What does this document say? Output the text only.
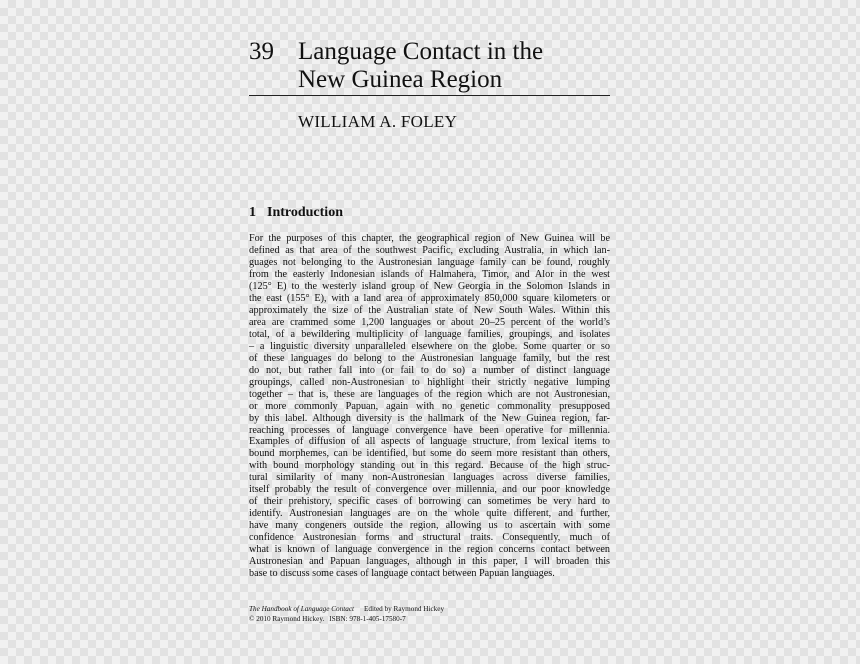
39 Language Contact in the
New Guinea Region
WILLIAM A. FOLEY
1 Introduction
For the purposes of this chapter, the geographical region of New Guinea will be
defined as that area of the southwest Pacific, excluding Australia, in which lan-
guages not belonging to the Austronesian language family can be found, roughly
from the easterly Indonesian islands of Halmahera, Timor, and Alor in the west
(125° E) to the westerly island group of New Georgia in the Solomon Islands in
the east (155° E), with a land area of approximately 850,000 square kilometers or
approximately the size of the Australian state of New South Wales. Within this
area are crammed some 1,200 languages or about 20–25 percent of the world’s
total, of a bewildering multiplicity of language families, groupings, and isolates
– a linguistic diversity unparalleled elsewhere on the globe. Some quarter or so
of these languages do belong to the Austronesian language family, but the rest
do not, but rather fall into (or fail to do so) a number of distinct language
groupings, called non-Austronesian to highlight their strictly negative lumping
together – that is, these are languages of the region which are not Austronesian,
or more commonly Papuan, again with no genetic commonality presupposed
by this label. Although diversity is the hallmark of the New Guinea region, far-
reaching processes of language convergence have been operative for millennia.
Examples of diffusion of all aspects of language structure, from lexical items to
bound morphemes, can be identified, but some do seem more resistant than others,
with bound morphology standing out in this regard. Because of the high struc-
tural similarity of many non-Austronesian languages across diverse families,
itself probably the result of convergence over millennia, and our poor knowledge
of their prehistory, specific cases of borrowing can sometimes be very hard to
identify. Austronesian languages are on the whole quite different, and further,
have many congeners outside the region, allowing us to ascertain with some
confidence Austronesian forms and structural traits. Consequently, much of
what is known of language convergence in the region concerns contact between
Austronesian and Papuan languages, although in this paper, I will broaden this
base to discuss some cases of language contact between Papuan languages.
The Handbook of Language Contact Edited by Raymond Hickey
© 2010 Raymond Hickey. ISBN: 978-1-405-17580-7
